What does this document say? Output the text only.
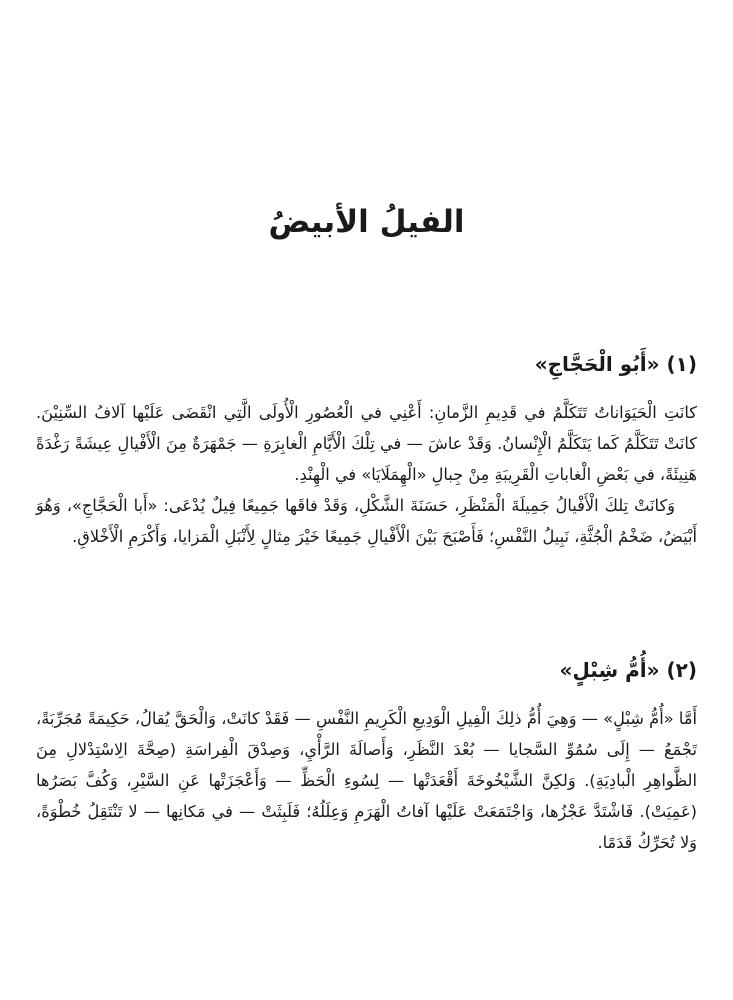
الفيلُ الأبيضُ
(١) «أَبُو الْحَجَّاجِ»

كانَتِ الْحَيَوَاناتُ تَتَكَلَّمُ في قَدِيمِ الزَّمانِ: أَعْنِي في الْعُصُورِ الْأُولَى الَّتِي انْقَضَى عَلَيْها آلافُ السِّنِيْنَ. كانَتْ تَتَكَلَّمُ كَما يَتَكَلَّمُ الْإِنْسانُ. وَقَدْ عاشَ — في تِلْكَ الْأَيَّامِ الْغابِرَةِ — جَمْهَرَةٌ مِنَ الْأَفْيالِ عِيشَةً رَغْدَةً هَنِيئَةً، في بَعْضِ الْغاباتِ الْقَرِيبَةِ مِنْ جِبالِ «الْهِمَلَايَا» في الْهِنْدِ.

وَكانَتْ تِلكَ الْأَفْيالُ جَمِيلَةَ الْمَنْظَرِ، حَسَنَةَ الشَّكْلِ، وَقَدْ فاقَها جَمِيعًا فِيلٌ يُدْعَى: «أَبا الْحَجَّاجِ»، وَهُوَ أَبْيَضُ، ضَخْمُ الْجُثَّةِ، نَبِيلُ النَّفْسِ؛ فَأَصْبَحَ بَيْنَ الْأَفْيالِ جَمِيعًا خَيْرَ مِثالٍ لِأَنْبَلِ الْمَزايا، وَأَكْرَمِ الْأَخْلاقِ.

(٢) «أُمُّ شِبْلٍ»

أَمَّا «أُمُّ شِبْلٍ» — وَهِيَ أُمُّ ذلِكَ الْفِيلِ الْوَدِيعِ الْكَرِيمِ النَّفْسِ — فَقَدْ كانَتْ، وَالْحَقَّ يُقالُ، حَكِيمَةً مُجَرِّبَةً، تَجْمَعُ — إِلَى سُمُوِّ السَّجايا — بُعْدَ النَّظَرِ، وَأَصالَةَ الرَّأْيِ، وَصِدْقَ الْفِراسَةِ (صِحَّةَ الِاسْتِدْلالِ مِنَ الظَّواهِرِ الْبادِيَةِ). وَلكِنَّ الشَّيْخُوخَةَ أَقْعَدَتْها — لِسُوءِ الْحَظِّ — وَأَعْجَزَتْها عَنِ السَّيْرِ، وَكُفَّ بَصَرُها (عَمِيَتْ). فَاشْتَدَّ عَجْزُها، وَاجْتَمَعَتْ عَلَيْها آفاتُ الْهَرَمِ وَعِلَلُهُ؛ فَلَبِثَتْ — في مَكانِها — لا تَنْتَقِلُ خُطْوَةً، وَلا تُحَرِّكُ قَدَمًا.
